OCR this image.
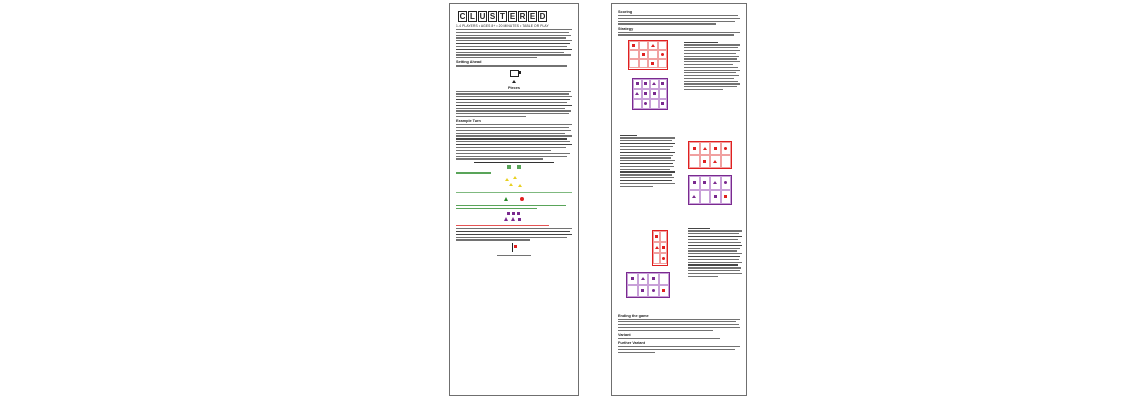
C L U S T E R E D
1-4 PLAYERS • AGES 8+ • 20 MINUTES • TABLE OR PLAY
Setting Ahead
Pieces
Example Turn
Scoring
Strategy
Ending the game
Variant
Further Variant
